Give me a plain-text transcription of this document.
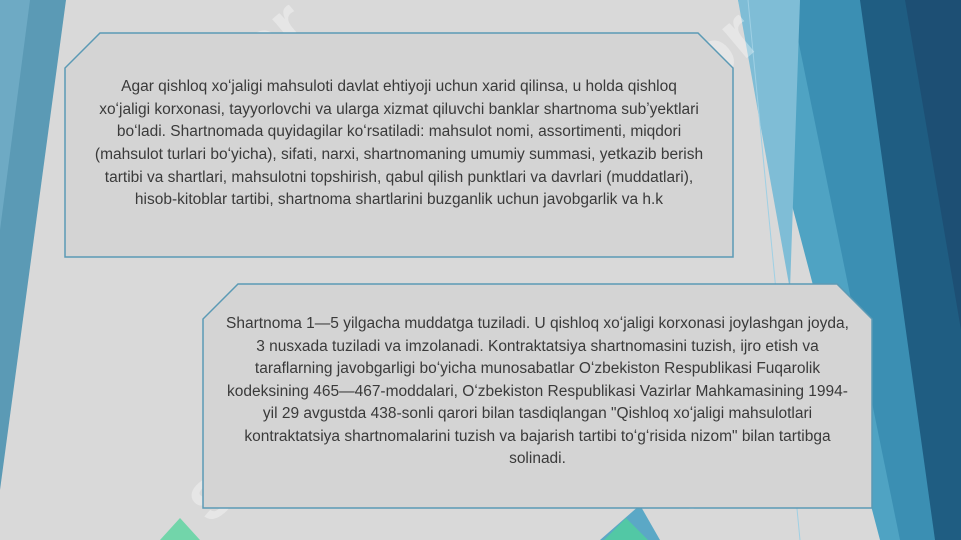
Agar qishloq xoʻjaligi mahsuloti davlat ehtiyoji uchun xarid qilinsa, u holda qishloq xoʻjaligi korxonasi, tayyorlovchi va ularga xizmat qiluvchi banklar shartnoma subʼyektlari boʻladi. Shartnomada quyidagilar koʻrsatiladi: mahsulot nomi, assortimenti, miqdori (mahsulot turlari boʻyicha), sifati, narxi, shartnomaning umumiy summasi, yetkazib berish tartibi va shartlari, mahsulotni topshirish, qabul qilish punktlari va davrlari (muddatlari), hisob-kitoblar tartibi, shartnoma shartlarini buzganlik uchun javobgarlik va h.k

Shartnoma 1—5 yilgacha muddatga tuziladi. U qishloq xoʻjaligi korxonasi joylashgan joyda, 3 nusxada tuziladi va imzolanadi. Kontraktatsiya shartnomasini tuzish, ijro etish va taraflarning javobgarligi boʻyicha munosabatlar Oʻzbekiston Respublikasi Fuqarolik kodeksining 465—467-moddalari, Oʻzbekiston Respublikasi Vazirlar Mahkamasining 1994-yil 29 avgustda 438-sonli qarori bilan tasdiqlangan "Qishloq xoʻjaligi mahsulotlari kontraktatsiya shartnomalarini tuzish va bajarish tartibi toʻgʻrisida nizom" bilan tartibga solinadi.
